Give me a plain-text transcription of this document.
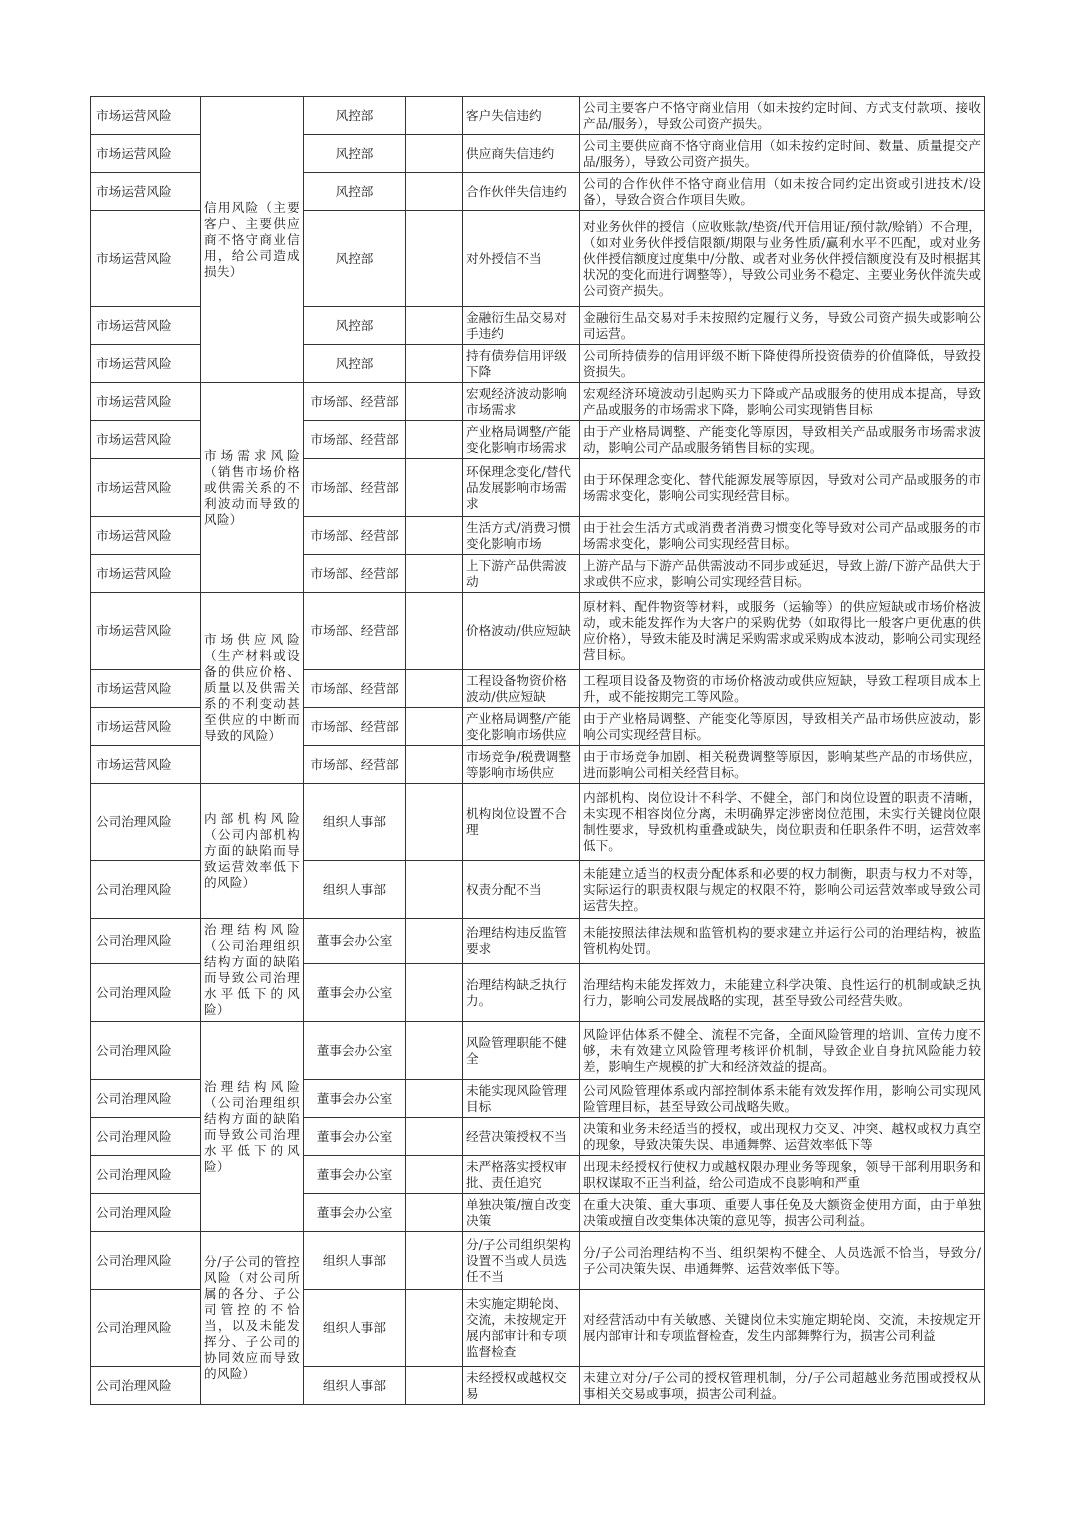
市场运营风险	信用风险（主要客户、主要供应商不恪守商业信用，给公司造成损失）	风控部		客户失信违约	公司主要客户不恪守商业信用（如未按约定时间、方式支付款项、接收产品/服务），导致公司资产损失。
市场运营风险		风控部		供应商失信违约	公司主要供应商不恪守商业信用（如未按约定时间、数量、质量提交产品/服务），导致公司资产损失。
市场运营风险		风控部		合作伙伴失信违约	公司的合作伙伴不恪守商业信用（如未按合同约定出资或引进技术/设备），导致合资合作项目失败。
市场运营风险		风控部		对外授信不当	对业务伙伴的授信（应收账款/垫资/代开信用证/预付款/赊销）不合理，（如对业务伙伴授信限额/期限与业务性质/赢利水平不匹配，或对业务伙伴授信额度过度集中/分散、或者对业务伙伴授信额度没有及时根据其状况的变化而进行调整等），导致公司业务不稳定、主要业务伙伴流失或公司资产损失。
市场运营风险		风控部		金融衍生品交易对手违约	金融衍生品交易对手未按照约定履行义务，导致公司资产损失或影响公司运营。
市场运营风险		风控部		持有债券信用评级下降	公司所持债券的信用评级不断下降使得所投资债券的价值降低，导致投资损失。
市场运营风险	市场需求风险（销售市场价格或供需关系的不利波动而导致的风险）	市场部、经营部		宏观经济波动影响市场需求	宏观经济环境波动引起购买力下降或产品或服务的使用成本提高，导致产品或服务的市场需求下降，影响公司实现销售目标
市场运营风险		市场部、经营部		产业格局调整/产能变化影响市场需求	由于产业格局调整、产能变化等原因，导致相关产品或服务市场需求波动，影响公司产品或服务销售目标的实现。
市场运营风险		市场部、经营部		环保理念变化/替代品发展影响市场需求	由于环保理念变化、替代能源发展等原因，导致对公司产品或服务的市场需求变化，影响公司实现经营目标。
市场运营风险		市场部、经营部		生活方式/消费习惯变化影响市场	由于社会生活方式或消费者消费习惯变化等导致对公司产品或服务的市场需求变化，影响公司实现经营目标。
市场运营风险		市场部、经营部		上下游产品供需波动	上游产品与下游产品供需波动不同步或延迟，导致上游/下游产品供大于求或供不应求，影响公司实现经营目标。
市场运营风险	市场供应风险（生产材料或设备的供应价格、质量以及供需关系的不利变动甚至供应的中断而导致的风险）	市场部、经营部		价格波动/供应短缺	原材料、配件物资等材料，或服务（运输等）的供应短缺或市场价格波动，或未能发挥作为大客户的采购优势（如取得比一般客户更优惠的供应价格），导致未能及时满足采购需求或采购成本波动，影响公司实现经营目标。
市场运营风险		市场部、经营部		工程设备物资价格波动/供应短缺	工程项目设备及物资的市场价格波动或供应短缺，导致工程项目成本上升，或不能按期完工等风险。
市场运营风险		市场部、经营部		产业格局调整/产能变化影响市场供应	由于产业格局调整、产能变化等原因，导致相关产品市场供应波动，影响公司实现经营目标。
市场运营风险		市场部、经营部		市场竞争/税费调整等影响市场供应	由于市场竞争加剧、相关税费调整等原因，影响某些产品的市场供应，进而影响公司相关经营目标。
公司治理风险	内部机构风险（公司内部机构方面的缺陷而导致运营效率低下的风险）	组织人事部		机构岗位设置不合理	内部机构、岗位设计不科学、不健全，部门和岗位设置的职责不清晰，未实现不相容岗位分离，未明确界定涉密岗位范围，未实行关键岗位限制性要求，导致机构重叠或缺失，岗位职责和任职条件不明，运营效率低下。
公司治理风险		组织人事部		权责分配不当	未能建立适当的权责分配体系和必要的权力制衡，职责与权力不对等，实际运行的职责权限与规定的权限不符，影响公司运营效率或导致公司运营失控。
公司治理风险	治理结构风险（公司治理组织结构方面的缺陷而导致公司治理水平低下的风险）	董事会办公室		治理结构违反监管要求	未能按照法律法规和监管机构的要求建立并运行公司的治理结构，被监管机构处罚。
公司治理风险		董事会办公室		治理结构缺乏执行力。	治理结构未能发挥效力，未能建立科学决策、良性运行的机制或缺乏执行力，影响公司发展战略的实现，甚至导致公司经营失败。
公司治理风险	治理结构风险（公司治理组织结构方面的缺陷而导致公司治理水平低下的风险）	董事会办公室		风险管理职能不健全	风险评估体系不健全、流程不完备，全面风险管理的培训、宣传力度不够，未有效建立风险管理考核评价机制，导致企业自身抗风险能力较差，影响生产规模的扩大和经济效益的提高。
公司治理风险		董事会办公室		未能实现风险管理目标	公司风险管理体系或内部控制体系未能有效发挥作用，影响公司实现风险管理目标，甚至导致公司战略失败。
公司治理风险		董事会办公室		经营决策授权不当	决策和业务未经适当的授权，或出现权力交叉、冲突、越权或权力真空的现象，导致决策失误、串通舞弊、运营效率低下等
公司治理风险		董事会办公室		未严格落实授权审批、责任追究	出现未经授权行使权力或越权限办理业务等现象，领导干部利用职务和职权谋取不正当利益，给公司造成不良影响和严重
公司治理风险		董事会办公室		单独决策/擅自改变决策	在重大决策、重大事项、重要人事任免及大额资金使用方面，由于单独决策或擅自改变集体决策的意见等，损害公司利益。
公司治理风险	分/子公司的管控风险（对公司所属的各分、子公司管控的不恰当，以及未能发挥分、子公司的协同效应而导致的风险）	组织人事部		分/子公司组织架构设置不当或人员选任不当	分/子公司治理结构不当、组织架构不健全、人员选派不恰当，导致分/子公司决策失误、串通舞弊、运营效率低下等。
公司治理风险		组织人事部		未实施定期轮岗、交流，未按规定开展内部审计和专项监督检查	对经营活动中有关敏感、关键岗位未实施定期轮岗、交流，未按规定开展内部审计和专项监督检查，发生内部舞弊行为，损害公司利益
公司治理风险		组织人事部		未经授权或越权交易	未建立对分/子公司的授权管理机制，分/子公司超越业务范围或授权从事相关交易或事项，损害公司利益。
